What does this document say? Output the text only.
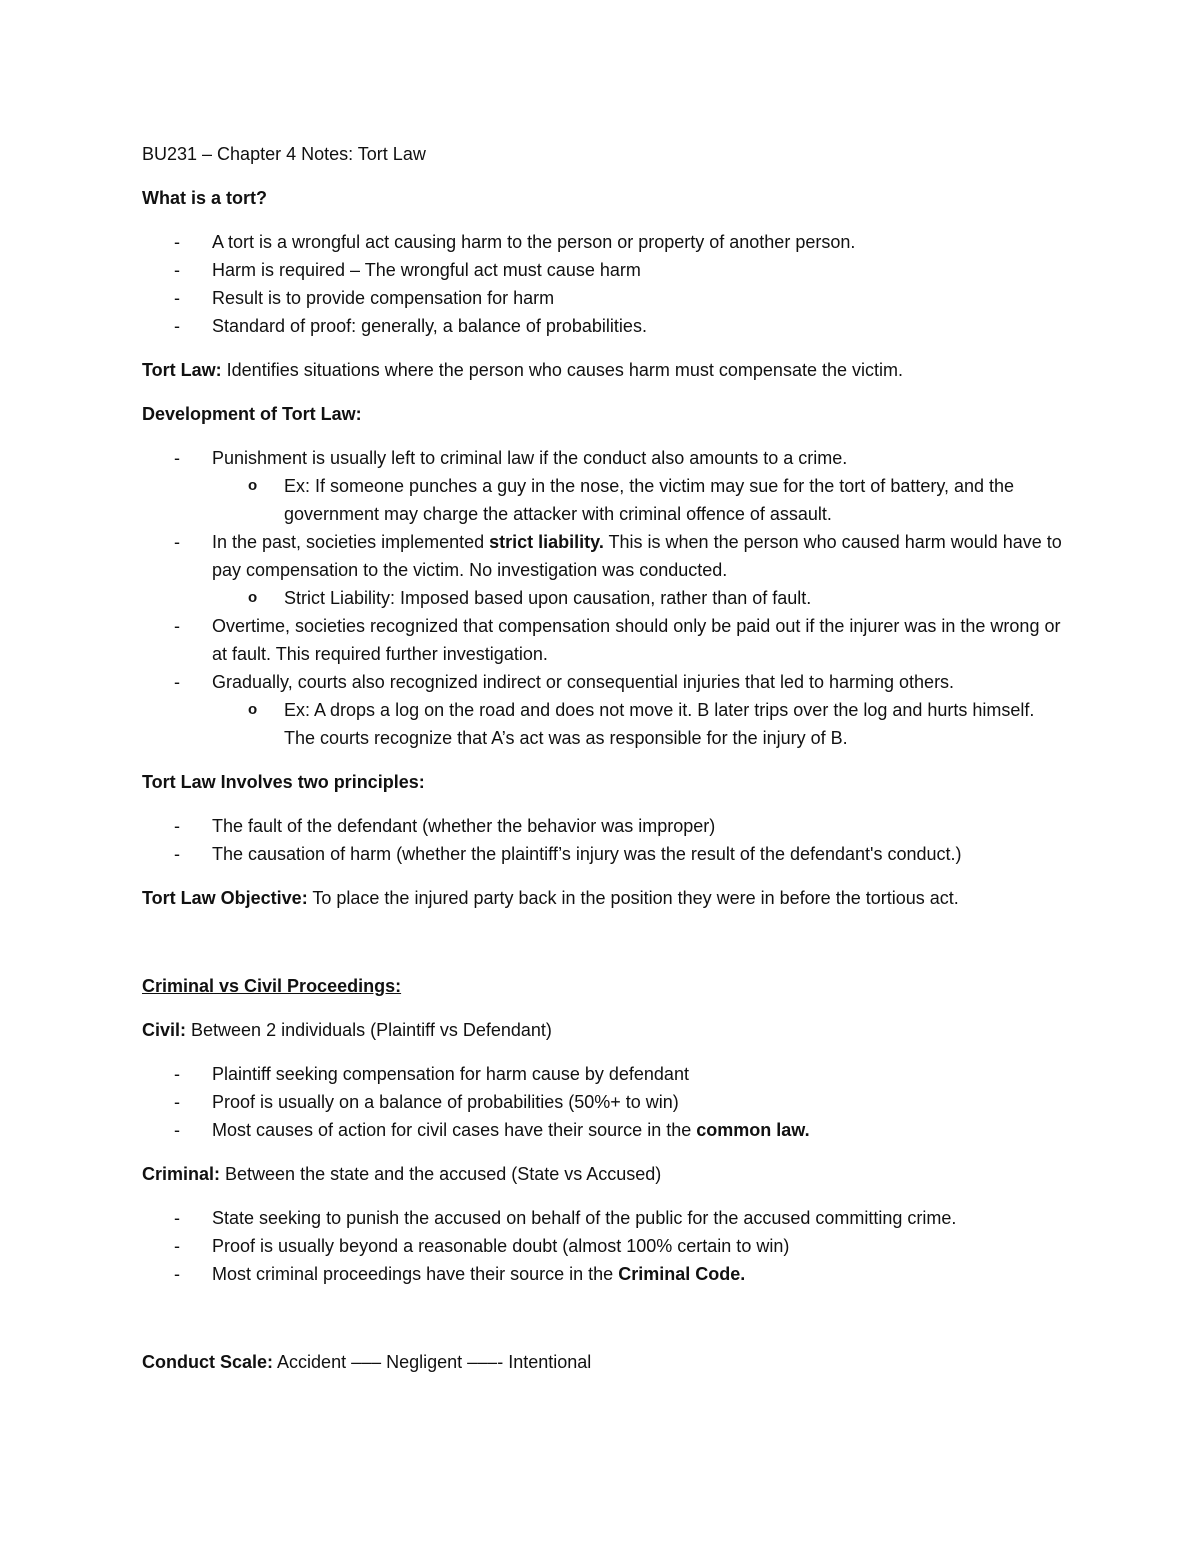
BU231 – Chapter 4 Notes: Tort Law

What is a tort?

- A tort is a wrongful act causing harm to the person or property of another person.
- Harm is required – The wrongful act must cause harm
- Result is to provide compensation for harm
- Standard of proof: generally, a balance of probabilities.

Tort Law: Identifies situations where the person who causes harm must compensate the victim.

Development of Tort Law:

- Punishment is usually left to criminal law if the conduct also amounts to a crime.
o Ex: If someone punches a guy in the nose, the victim may sue for the tort of battery, and the government may charge the attacker with criminal offence of assault.
- In the past, societies implemented strict liability. This is when the person who caused harm would have to pay compensation to the victim. No investigation was conducted.
o Strict Liability: Imposed based upon causation, rather than of fault.
- Overtime, societies recognized that compensation should only be paid out if the injurer was in the wrong or at fault. This required further investigation.
- Gradually, courts also recognized indirect or consequential injuries that led to harming others.
o Ex: A drops a log on the road and does not move it. B later trips over the log and hurts himself. The courts recognize that A’s act was as responsible for the injury of B.

Tort Law Involves two principles:

- The fault of the defendant (whether the behavior was improper)
- The causation of harm (whether the plaintiff’s injury was the result of the defendant's conduct.)

Tort Law Objective: To place the injured party back in the position they were in before the tortious act.

Criminal vs Civil Proceedings:

Civil: Between 2 individuals (Plaintiff vs Defendant)

- Plaintiff seeking compensation for harm cause by defendant
- Proof is usually on a balance of probabilities (50%+ to win)
- Most causes of action for civil cases have their source in the common law.

Criminal: Between the state and the accused (State vs Accused)

- State seeking to punish the accused on behalf of the public for the accused committing crime.
- Proof is usually beyond a reasonable doubt (almost 100% certain to win)
- Most criminal proceedings have their source in the Criminal Code.

Conduct Scale: Accident ––– Negligent –––- Intentional
